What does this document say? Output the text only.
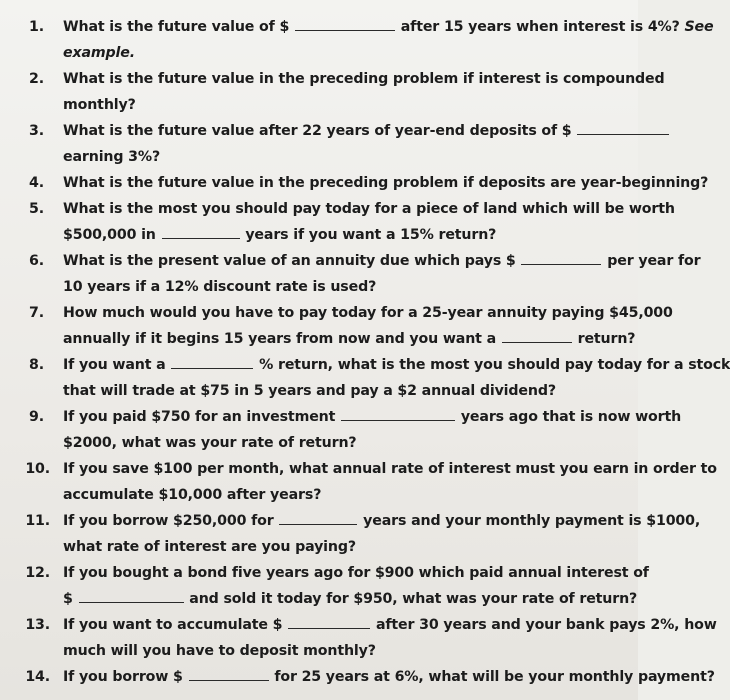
1. What is the future value of $	after 15 years when interest is 4%? See
example.
2. What is the future value in the preceding problem if interest is compounded
monthly?
3. What is the future value after 22 years of year-end deposits of $
earning 3%?
4. What is the future value in the preceding problem if deposits are year-beginning?
5. What is the most you should pay today for a piece of land which will be worth
$500,000 in	years if you want a 15% return?
6. What is the present value of an annuity due which pays $	per year for
10 years if a 12% discount rate is used?
7. How much would you have to pay today for a 25-year annuity paying $45,000
annually if it begins 15 years from now and you want a	return?
8. If you want a	% return, what is the most you should pay today for a stock
that will trade at $75 in 5 years and pay a $2 annual dividend?
9. If you paid $750 for an investment	years ago that is now worth
$2000, what was your rate of return?
10. If you save $100 per month, what annual rate of interest must you earn in order to
accumulate $10,000 after years?
11. If you borrow $250,000 for	years and your monthly payment is $1000,
what rate of interest are you paying?
12. If you bought a bond five years ago for $900 which paid annual interest of
$	and sold it today for $950, what was your rate of return?
13. If you want to accumulate $	after 30 years and your bank pays 2%, how
much will you have to deposit monthly?
14. If you borrow $	for 25 years at 6%, what will be your monthly payment?
